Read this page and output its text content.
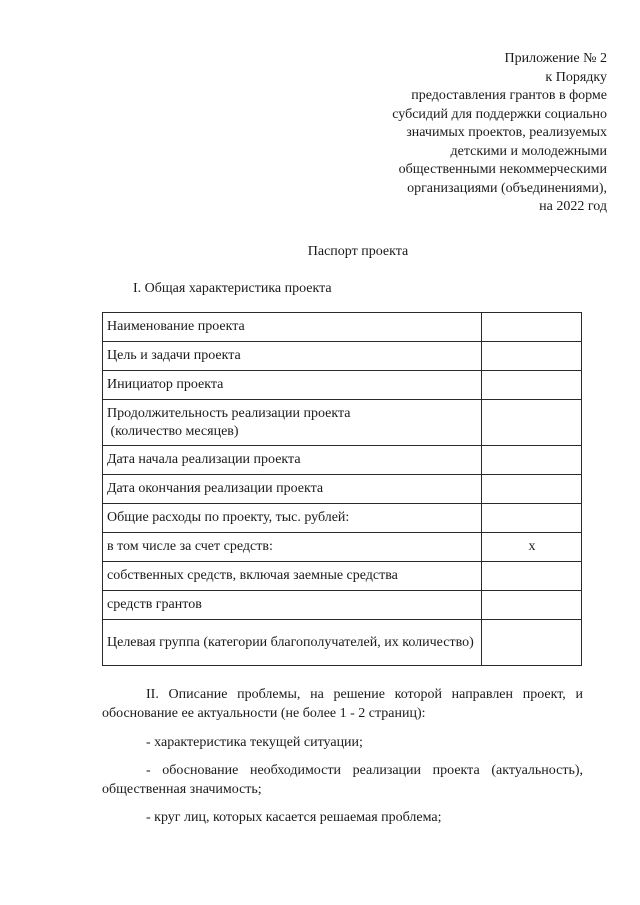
Приложение № 2
к Порядку
предоставления грантов в форме
субсидий для поддержки социально
значимых проектов, реализуемых
детскими и молодежными
общественными некоммерческими
организациями (объединениями),
на 2022 год
Паспорт проекта
I. Общая характеристика проекта
Наименование проекта	
Цель и задачи проекта	
Инициатор проекта	
Продолжительность реализации проекта
(количество месяцев)	
Дата начала реализации проекта	
Дата окончания реализации проекта	
Общие расходы по проекту, тыс. рублей:	
в том числе за счет средств:	х
собственных средств, включая заемные средства	
средств грантов	
Целевая группа (категории благополучателей, их количество)	
II. Описание проблемы, на решение которой направлен проект, и обоснование ее актуальности (не более 1 - 2 страниц):
- характеристика текущей ситуации;
- обоснование необходимости реализации проекта (актуальность), общественная значимость;
- круг лиц, которых касается решаемая проблема;
